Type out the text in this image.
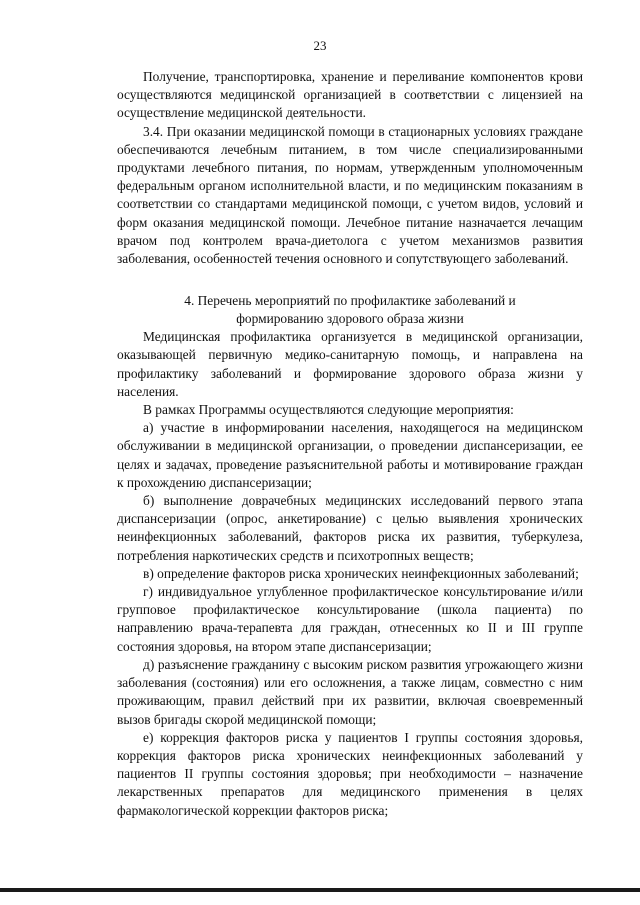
23

Получение, транспортировка, хранение и переливание компонентов крови осуществляются медицинской организацией в соответствии с лицензией на осуществление медицинской деятельности.

3.4. При оказании медицинской помощи в стационарных условиях граждане обеспечиваются лечебным питанием, в том числе специализированными продуктами лечебного питания, по нормам, утвержденным уполномоченным федеральным органом исполнительной власти, и по медицинским показаниям в соответствии со стандартами медицинской помощи, с учетом видов, условий и форм оказания медицинской помощи. Лечебное питание назначается лечащим врачом под контролем врача-диетолога с учетом механизмов развития заболевания, особенностей течения основного и сопутствующего заболеваний.

4. Перечень мероприятий по профилактике заболеваний и
формированию здорового образа жизни

Медицинская профилактика организуется в медицинской организации, оказывающей первичную медико-санитарную помощь, и направлена на профилактику заболеваний и формирование здорового образа жизни у населения.

В рамках Программы осуществляются следующие мероприятия:

а) участие в информировании населения, находящегося на медицинском обслуживании в медицинской организации, о проведении диспансеризации, ее целях и задачах, проведение разъяснительной работы и мотивирование граждан к прохождению диспансеризации;

б) выполнение доврачебных медицинских исследований первого этапа диспансеризации (опрос, анкетирование) с целью выявления хронических неинфекционных заболеваний, факторов риска их развития, туберкулеза, потребления наркотических средств и психотропных веществ;

в) определение факторов риска хронических неинфекционных заболеваний;

г) индивидуальное углубленное профилактическое консультирование и/или групповое профилактическое консультирование (школа пациента) по направлению врача-терапевта для граждан, отнесенных ко II и III группе состояния здоровья, на втором этапе диспансеризации;

д) разъяснение гражданину с высоким риском развития угрожающего жизни заболевания (состояния) или его осложнения, а также лицам, совместно с ним проживающим, правил действий при их развитии, включая своевременный вызов бригады скорой медицинской помощи;

е) коррекция факторов риска у пациентов I группы состояния здоровья, коррекция факторов риска хронических неинфекционных заболеваний у пациентов II группы состояния здоровья; при необходимости – назначение лекарственных препаратов для медицинского применения в целях фармакологической коррекции факторов риска;
